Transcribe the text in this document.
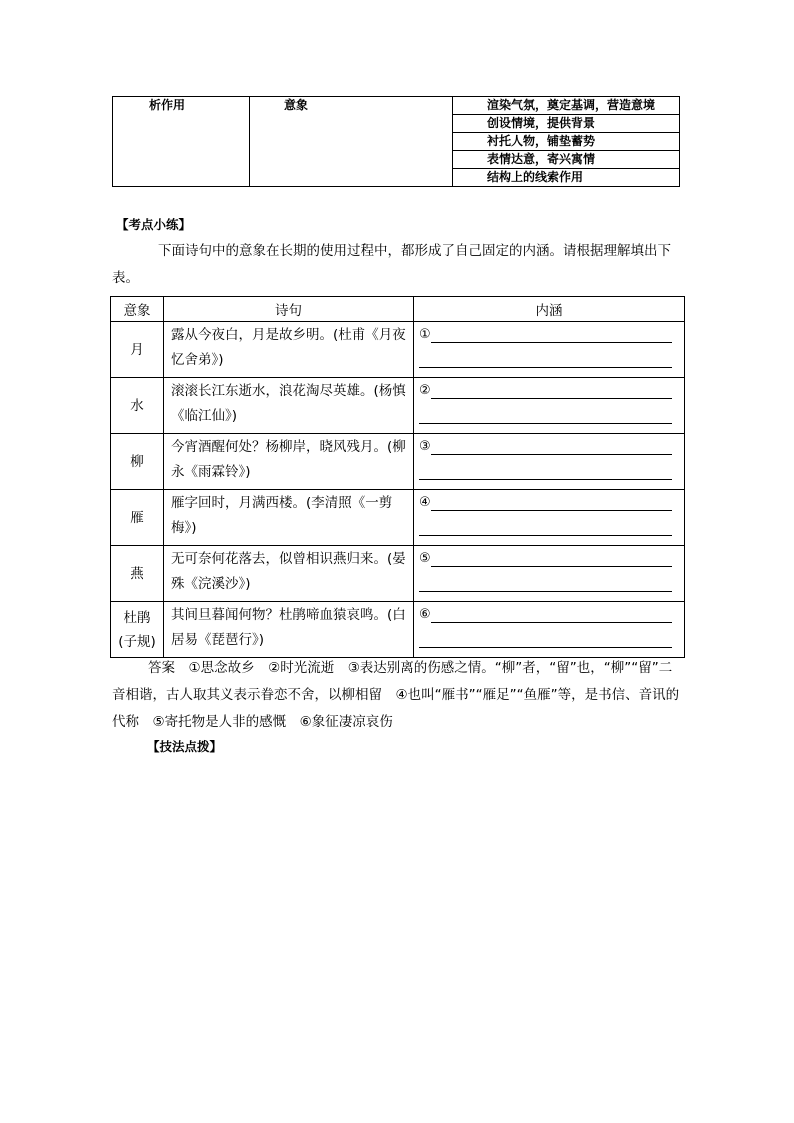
析作用	意象	渲染气氛，奠定基调，营造意境
创设情境，提供背景
衬托人物，铺垫蓄势
表情达意，寄兴寓情
结构上的线索作用
【考点小练】
下面诗句中的意象在长期的使用过程中，都形成了自己固定的内涵。请根据理解填出下表。
意象	诗句	内涵
月	露从今夜白，月是故乡明。(杜甫《月夜忆舍弟》)	①

水	滚滚长江东逝水，浪花淘尽英雄。(杨慎《临江仙》)	②

柳	今宵酒醒何处？杨柳岸，晓风残月。(柳永《雨霖铃》)	③

雁	雁字回时，月满西楼。(李清照《一剪梅》)	④

燕	无可奈何花落去，似曾相识燕归来。(晏殊《浣溪沙》)	⑤

杜鹃
(子规)	其间旦暮闻何物？杜鹃啼血猿哀鸣。(白居易《琵琶行》)	⑥
答案　①思念故乡　②时光流逝　③表达别离的伤感之情。“柳”者，“留”也，“柳”“留”二音相谐，古人取其义表示眷恋不舍，以柳相留　④也叫“雁书”“雁足”“鱼雁”等，是书信、音讯的代称　⑤寄托物是人非的感慨　⑥象征凄凉哀伤
【技法点拨】
